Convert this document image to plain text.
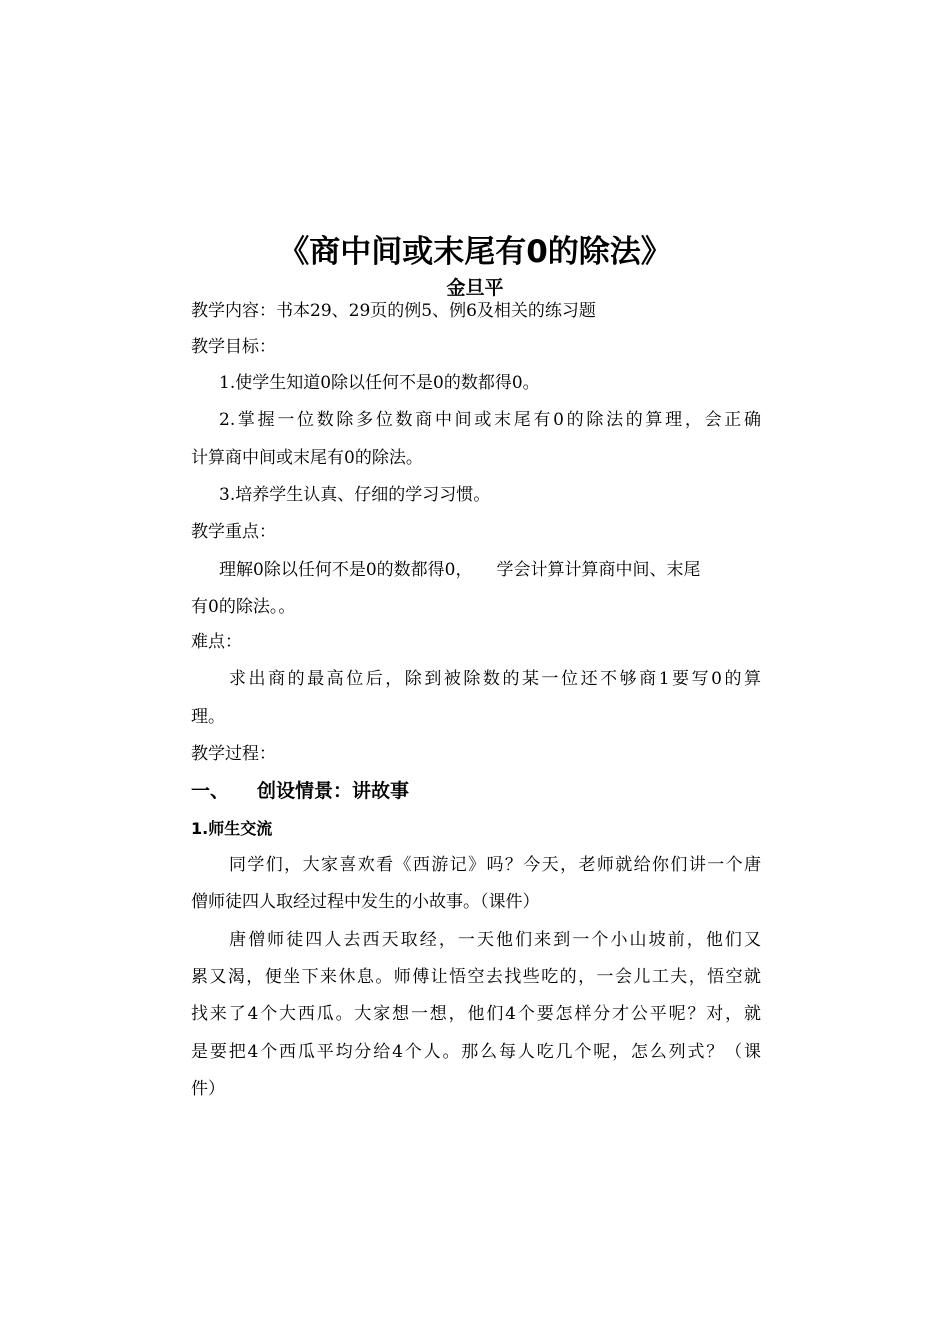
《商中间或末尾有0的除法》
金旦平
教学内容：书本29、29页的例5、例6及相关的练习题
教学目标：
1.使学生知道0除以任何不是0的数都得0。
2.掌握一位数除多位数商中间或末尾有0的除法的算理，会正确
计算商中间或末尾有0的除法。
3.培养学生认真、仔细的学习习惯。
教学重点：
理解0除以任何不是0的数都得0， 学会计算计算商中间、末尾
有0的除法。。
难点：
求出商的最高位后，除到被除数的某一位还不够商1要写0的算
理。
教学过程：
一、 创设情景：讲故事
1.师生交流
同学们，大家喜欢看《西游记》吗？今天，老师就给你们讲一个唐
僧师徒四人取经过程中发生的小故事。（课件）
唐僧师徒四人去西天取经，一天他们来到一个小山坡前，他们又
累又渴，便坐下来休息。师傅让悟空去找些吃的，一会儿工夫，悟空就
找来了4个大西瓜。大家想一想，他们4个要怎样分才公平呢？对，就
是要把4个西瓜平均分给4个人。那么每人吃几个呢，怎么列式？（课
件）
